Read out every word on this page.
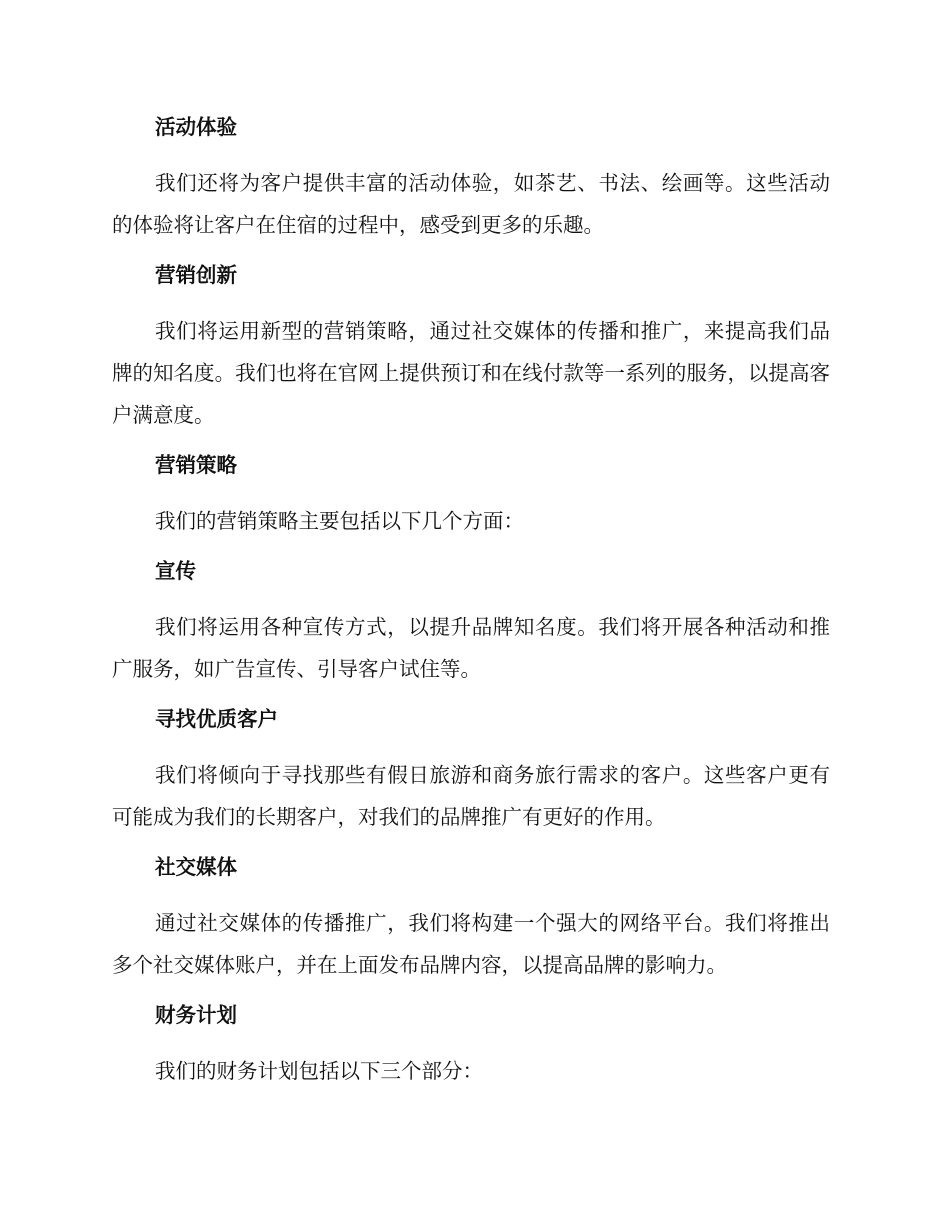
活动体验

我们还将为客户提供丰富的活动体验，如茶艺、书法、绘画等。这些活动的体验将让客户在住宿的过程中，感受到更多的乐趣。

营销创新

我们将运用新型的营销策略，通过社交媒体的传播和推广，来提高我们品牌的知名度。我们也将在官网上提供预订和在线付款等一系列的服务，以提高客户满意度。

营销策略

我们的营销策略主要包括以下几个方面：

宣传

我们将运用各种宣传方式，以提升品牌知名度。我们将开展各种活动和推广服务，如广告宣传、引导客户试住等。

寻找优质客户

我们将倾向于寻找那些有假日旅游和商务旅行需求的客户。这些客户更有可能成为我们的长期客户，对我们的品牌推广有更好的作用。

社交媒体

通过社交媒体的传播推广，我们将构建一个强大的网络平台。我们将推出多个社交媒体账户，并在上面发布品牌内容，以提高品牌的影响力。

财务计划

我们的财务计划包括以下三个部分：
